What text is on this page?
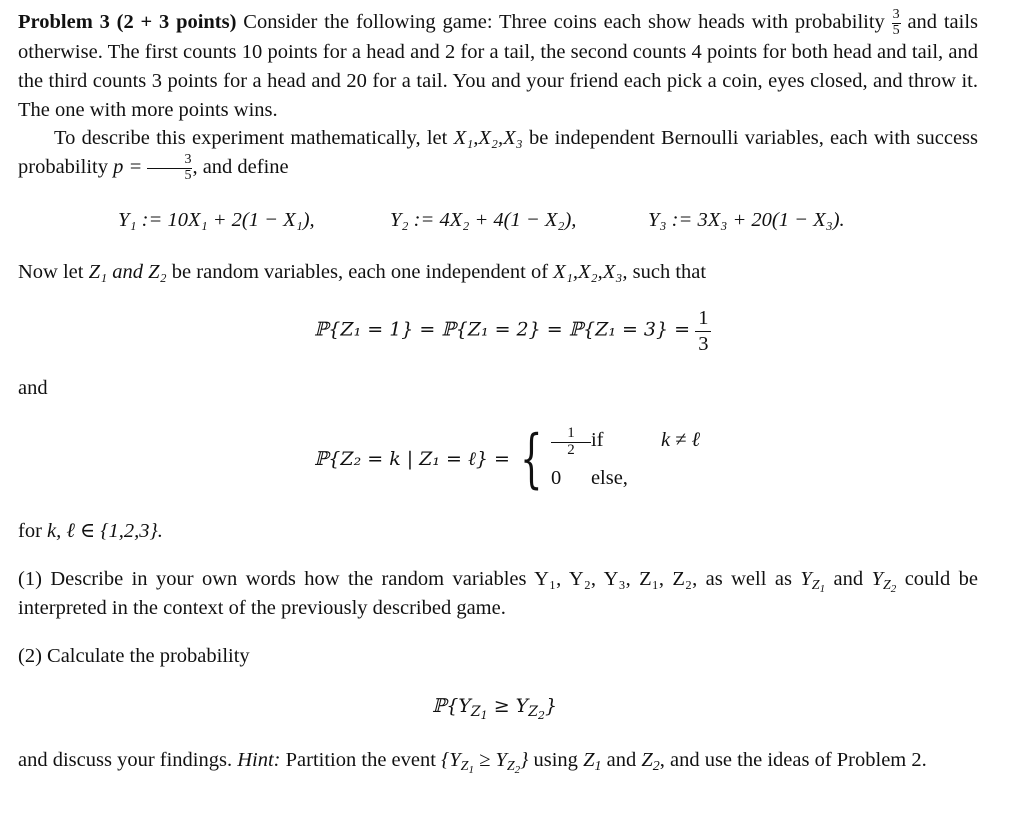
Problem 3 (2 + 3 points) Consider the following game: Three coins each show heads with probability $\frac{3}{5}$ and tails otherwise. The first counts 10 points for a head and 2 for a tail, the second counts 4 points for both head and tail, and the third counts 3 points for a head and 20 for a tail. You and your friend each pick a coin, eyes closed, and throw it. The one with more points wins.

To describe this experiment mathematically, let X₁,X₂,X₃ be independent Bernoulli variables, each with success probability $p = \frac{3}{5}$ , and define

Y₁ := 10X₁ + 2(1 − X₁),	Y₂ := 4X₂ + 4(1 − X₂),	Y₃ := 3X₃ + 20(1 − X₃).

Now let Z₁ and Z₂ be random variables, each one independent of X₁,X₂,X₃, such that

ℙ{Z₁ = 1} = ℙ{Z₁ = 2} = ℙ{Z₁ = $3\} = \frac{1}{3}$

and

ℙ{Z₂ = k | Z₁ = ℓ} = { $\frac{1}{2}$ if	k ≠ ℓ
0	else,

for k, ℓ ∈ {1,2,3}.

(1) Describe in your own words how the random variables Y₁, Y₂, Y₃, Z₁, Z₂, as well as $Y_{Z_1}$ and $Y_{Z_2}$ could be interpreted in the context of the previously described game.

(2) Calculate the probability

$ℙ\{Y_{Z_1} \ge Y_{Z_2}\}$

and discuss your findings. Hint: Partition the event $\{Y_{Z_1} \ge Y_{Z_2}\}$ using $Z_1$ and $Z_2$, and use the ideas of Problem 2.
